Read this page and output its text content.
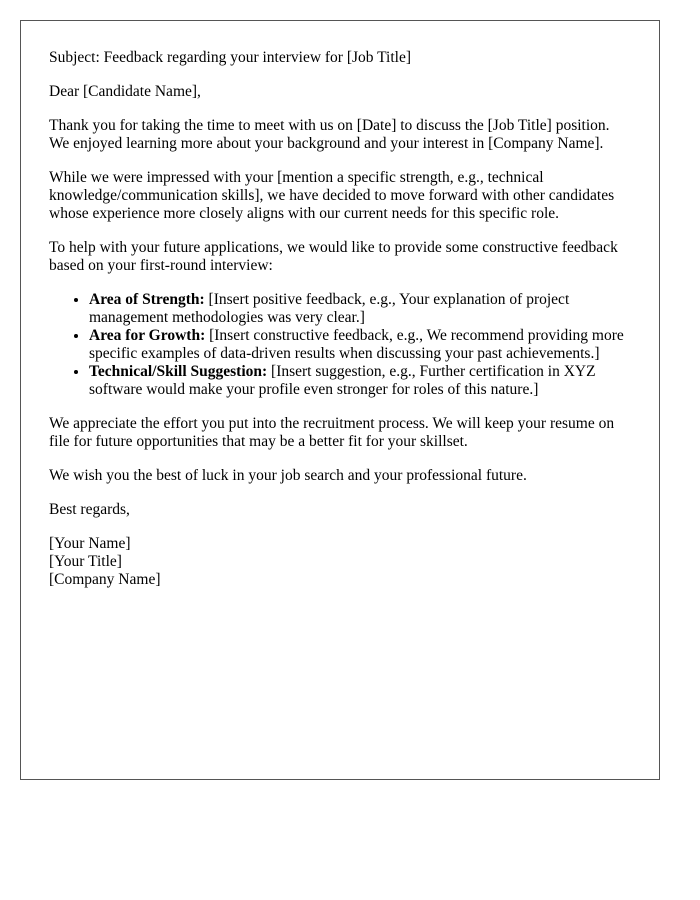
Subject: Feedback regarding your interview for [Job Title]

Dear [Candidate Name],

Thank you for taking the time to meet with us on [Date] to discuss the [Job Title] position. We enjoyed learning more about your background and your interest in [Company Name].

While we were impressed with your [mention a specific strength, e.g., technical knowledge/communication skills], we have decided to move forward with other candidates whose experience more closely aligns with our current needs for this specific role.

To help with your future applications, we would like to provide some constructive feedback based on your first-round interview:

• Area of Strength: [Insert positive feedback, e.g., Your explanation of project management methodologies was very clear.]
• Area for Growth: [Insert constructive feedback, e.g., We recommend providing more specific examples of data-driven results when discussing your past achievements.]
• Technical/Skill Suggestion: [Insert suggestion, e.g., Further certification in XYZ software would make your profile even stronger for roles of this nature.]

We appreciate the effort you put into the recruitment process. We will keep your resume on file for future opportunities that may be a better fit for your skillset.

We wish you the best of luck in your job search and your professional future.

Best regards,

[Your Name]
[Your Title]
[Company Name]
